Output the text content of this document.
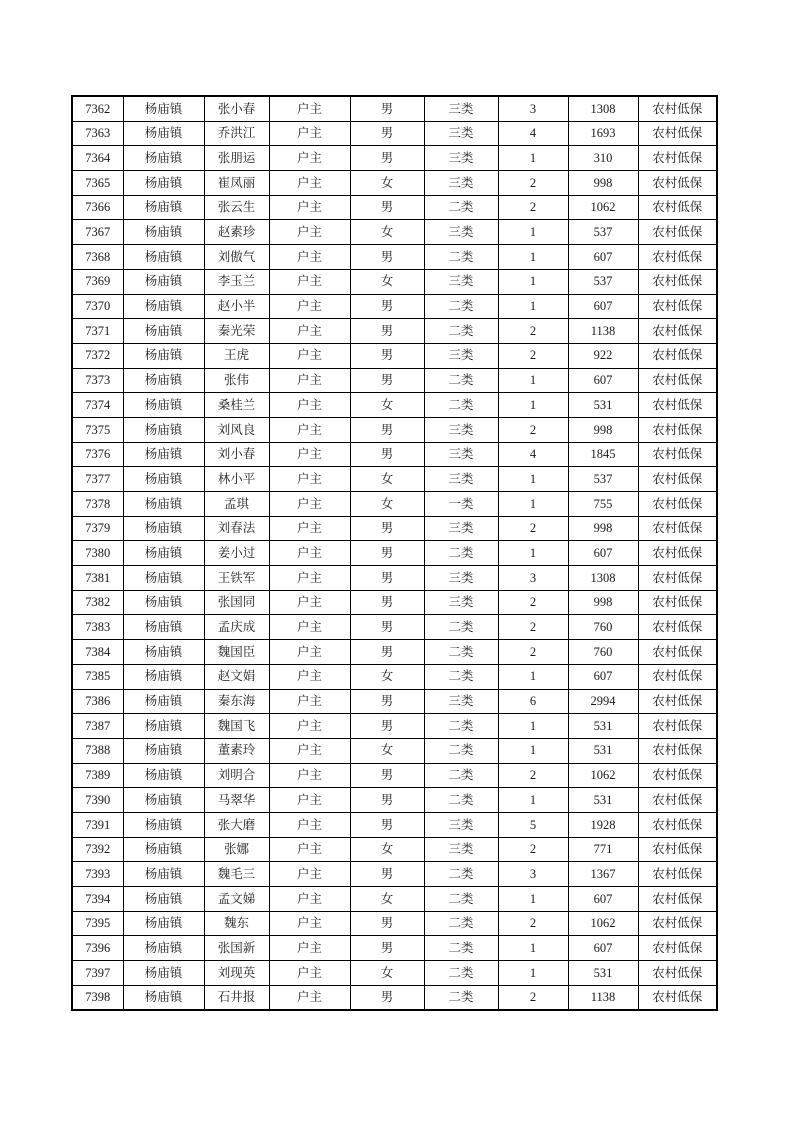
7362	杨庙镇	张小春	户主	男	三类	3	1308	农村低保
7363	杨庙镇	乔洪江	户主	男	三类	4	1693	农村低保
7364	杨庙镇	张朋运	户主	男	三类	1	310	农村低保
7365	杨庙镇	崔凤丽	户主	女	三类	2	998	农村低保
7366	杨庙镇	张云生	户主	男	二类	2	1062	农村低保
7367	杨庙镇	赵素珍	户主	女	三类	1	537	农村低保
7368	杨庙镇	刘傲气	户主	男	二类	1	607	农村低保
7369	杨庙镇	李玉兰	户主	女	三类	1	537	农村低保
7370	杨庙镇	赵小半	户主	男	二类	1	607	农村低保
7371	杨庙镇	秦光荣	户主	男	二类	2	1138	农村低保
7372	杨庙镇	王虎	户主	男	三类	2	922	农村低保
7373	杨庙镇	张伟	户主	男	二类	1	607	农村低保
7374	杨庙镇	桑桂兰	户主	女	二类	1	531	农村低保
7375	杨庙镇	刘风良	户主	男	三类	2	998	农村低保
7376	杨庙镇	刘小春	户主	男	三类	4	1845	农村低保
7377	杨庙镇	林小平	户主	女	三类	1	537	农村低保
7378	杨庙镇	孟琪	户主	女	一类	1	755	农村低保
7379	杨庙镇	刘春法	户主	男	三类	2	998	农村低保
7380	杨庙镇	姜小过	户主	男	二类	1	607	农村低保
7381	杨庙镇	王铁军	户主	男	三类	3	1308	农村低保
7382	杨庙镇	张国同	户主	男	三类	2	998	农村低保
7383	杨庙镇	孟庆成	户主	男	二类	2	760	农村低保
7384	杨庙镇	魏国臣	户主	男	二类	2	760	农村低保
7385	杨庙镇	赵文娟	户主	女	二类	1	607	农村低保
7386	杨庙镇	秦东海	户主	男	三类	6	2994	农村低保
7387	杨庙镇	魏国飞	户主	男	二类	1	531	农村低保
7388	杨庙镇	董素玲	户主	女	二类	1	531	农村低保
7389	杨庙镇	刘明合	户主	男	二类	2	1062	农村低保
7390	杨庙镇	马翠华	户主	男	二类	1	531	农村低保
7391	杨庙镇	张大磨	户主	男	三类	5	1928	农村低保
7392	杨庙镇	张娜	户主	女	三类	2	771	农村低保
7393	杨庙镇	魏毛三	户主	男	二类	3	1367	农村低保
7394	杨庙镇	孟文娣	户主	女	二类	1	607	农村低保
7395	杨庙镇	魏东	户主	男	二类	2	1062	农村低保
7396	杨庙镇	张国新	户主	男	二类	1	607	农村低保
7397	杨庙镇	刘现英	户主	女	二类	1	531	农村低保
7398	杨庙镇	石井报	户主	男	二类	2	1138	农村低保
